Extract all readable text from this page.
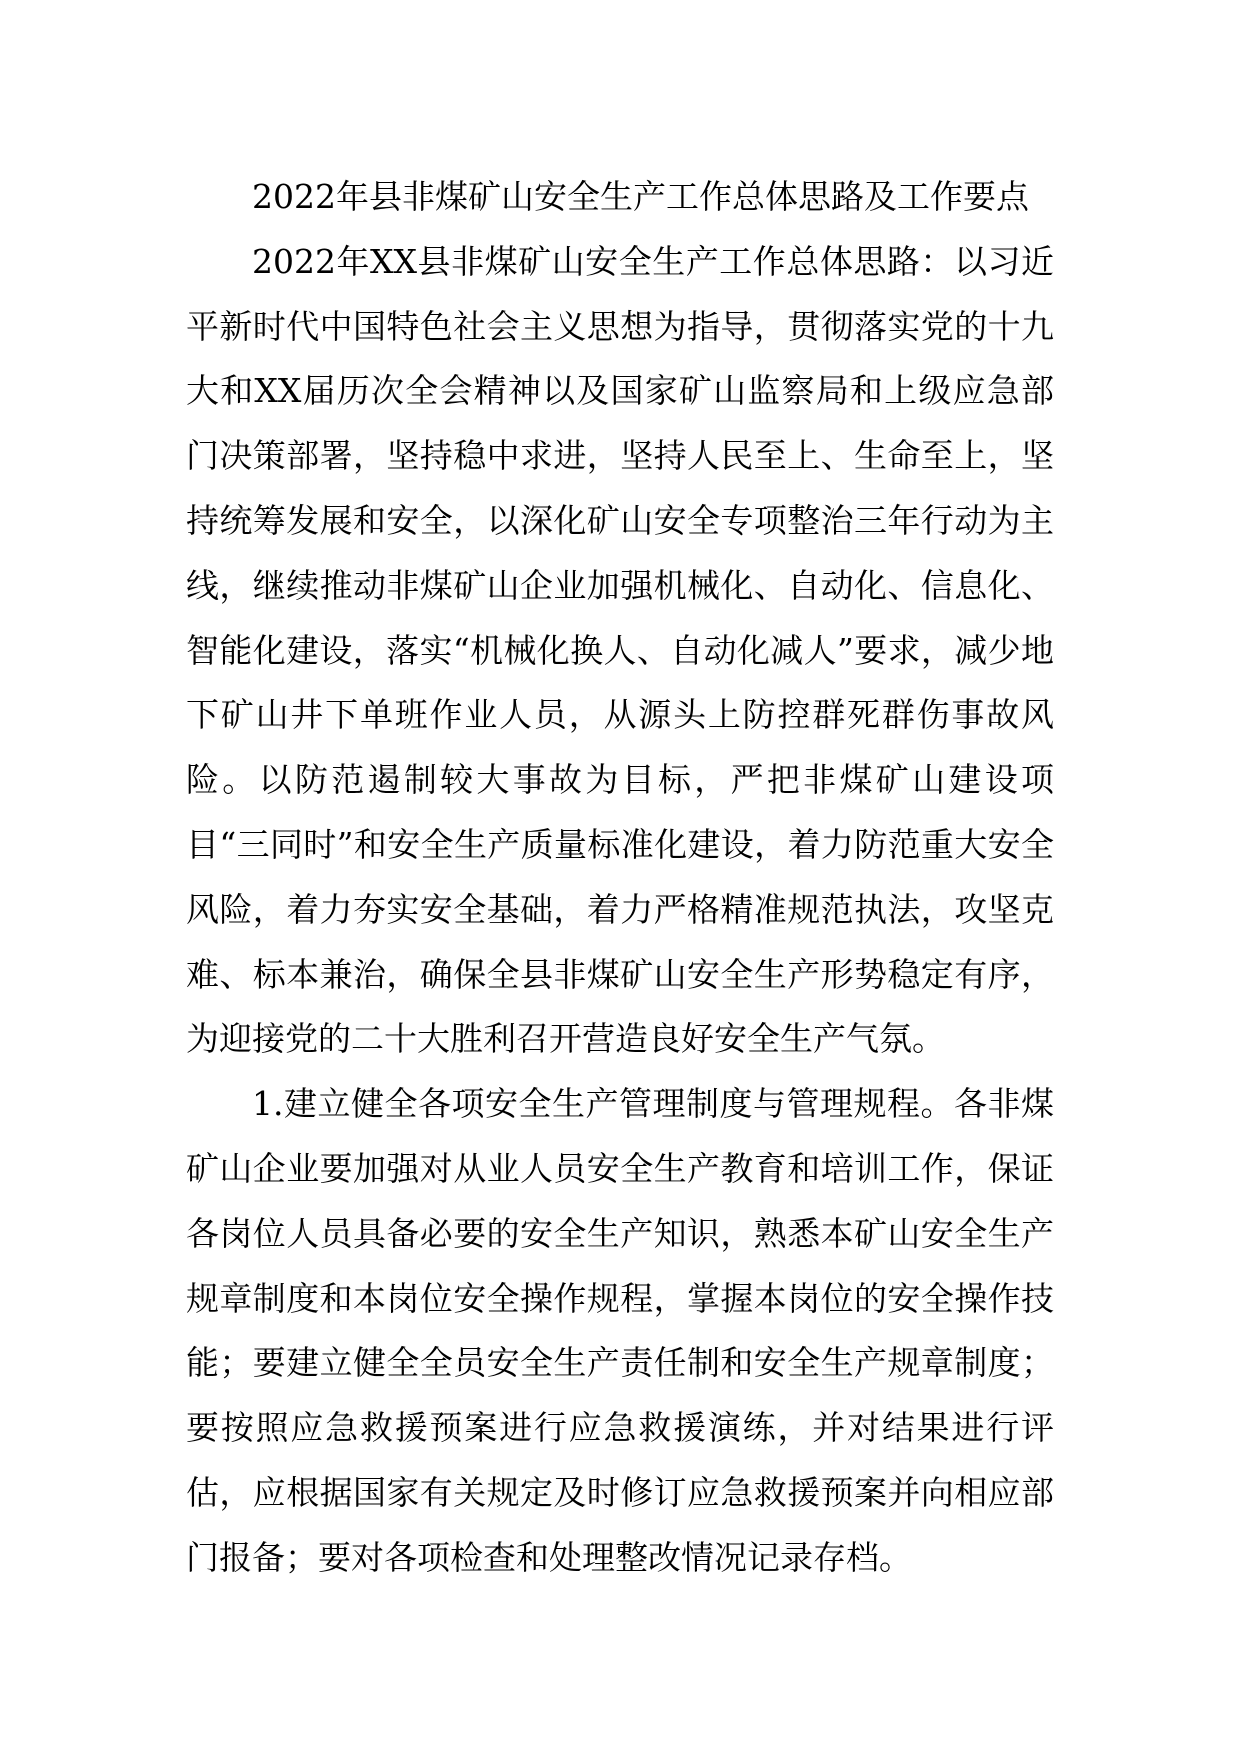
2022年县非煤矿山安全生产工作总体思路及工作要点

2022年XX县非煤矿山安全生产工作总体思路：以习近平新时代中国特色社会主义思想为指导，贯彻落实党的十九大和XX届历次全会精神以及国家矿山监察局和上级应急部门决策部署，坚持稳中求进，坚持人民至上、生命至上，坚持统筹发展和安全，以深化矿山安全专项整治三年行动为主线，继续推动非煤矿山企业加强机械化、自动化、信息化、智能化建设，落实“机械化换人、自动化减人”要求，减少地下矿山井下单班作业人员，从源头上防控群死群伤事故风险。以防范遏制较大事故为目标，严把非煤矿山建设项目“三同时”和安全生产质量标准化建设，着力防范重大安全风险，着力夯实安全基础，着力严格精准规范执法，攻坚克难、标本兼治，确保全县非煤矿山安全生产形势稳定有序，为迎接党的二十大胜利召开营造良好安全生产气氛。

1.建立健全各项安全生产管理制度与管理规程。各非煤矿山企业要加强对从业人员安全生产教育和培训工作，保证各岗位人员具备必要的安全生产知识，熟悉本矿山安全生产规章制度和本岗位安全操作规程，掌握本岗位的安全操作技能；要建立健全全员安全生产责任制和安全生产规章制度；要按照应急救援预案进行应急救援演练，并对结果进行评估，应根据国家有关规定及时修订应急救援预案并向相应部门报备；要对各项检查和处理整改情况记录存档。
